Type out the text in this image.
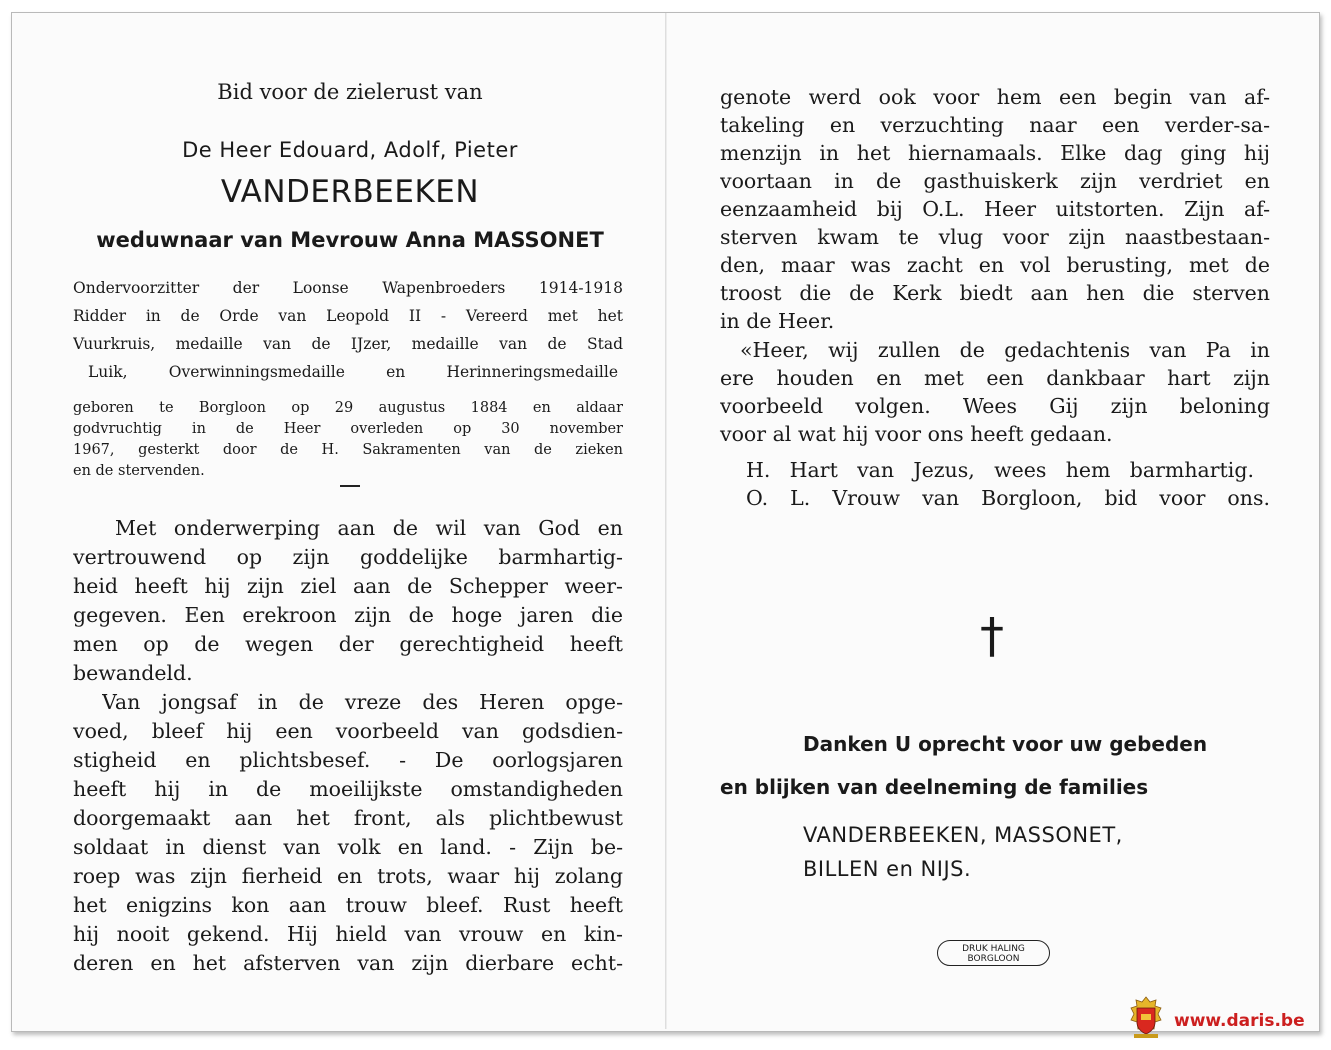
Bid voor de zielerust van
De Heer Edouard, Adolf, Pieter
VANDERBEEKEN
weduwnaar van Mevrouw Anna MASSONET
Ondervoorzitter der Loonse Wapenbroeders 1914-1918
Ridder in de Orde van Leopold II - Vereerd met het
Vuurkruis, medaille van de IJzer, medaille van de Stad
Luik, Overwinningsmedaille en Herinneringsmedaille
geboren te Borgloon op 29 augustus 1884 en aldaar
godvruchtig in de Heer overleden op 30 november
1967, gesterkt door de H. Sakramenten van de zieken
en de stervenden.
Met onderwerping aan de wil van God en
vertrouwend op zijn goddelijke barmhartig-
heid heeft hij zijn ziel aan de Schepper weer-
gegeven. Een erekroon zijn de hoge jaren die
men op de wegen der gerechtigheid heeft
bewandeld.
Van jongsaf in de vreze des Heren opge-
voed, bleef hij een voorbeeld van godsdien-
stigheid en plichtsbesef. - De oorlogsjaren
heeft hij in de moeilijkste omstandigheden
doorgemaakt aan het front, als plichtbewust
soldaat in dienst van volk en land. - Zijn be-
roep was zijn fierheid en trots, waar hij zolang
het enigzins kon aan trouw bleef. Rust heeft
hij nooit gekend. Hij hield van vrouw en kin-
deren en het afsterven van zijn dierbare echt-
genote werd ook voor hem een begin van af-
takeling en verzuchting naar een verder-sa-
menzijn in het hiernamaals. Elke dag ging hij
voortaan in de gasthuiskerk zijn verdriet en
eenzaamheid bij O.L. Heer uitstorten. Zijn af-
sterven kwam te vlug voor zijn naastbestaan-
den, maar was zacht en vol berusting, met de
troost die de Kerk biedt aan hen die sterven
in de Heer.
«Heer, wij zullen de gedachtenis van Pa in
ere houden en met een dankbaar hart zijn
voorbeeld volgen. Wees Gij zijn beloning
voor al wat hij voor ons heeft gedaan.
H. Hart van Jezus, wees hem barmhartig.
O. L. Vrouw van Borgloon, bid voor ons.
†
Danken U oprecht voor uw gebeden
en blijken van deelneming de families
VANDERBEEKEN, MASSONET,
BILLEN en NIJS.
DRUK HALING
BORGLOON
www.daris.be
